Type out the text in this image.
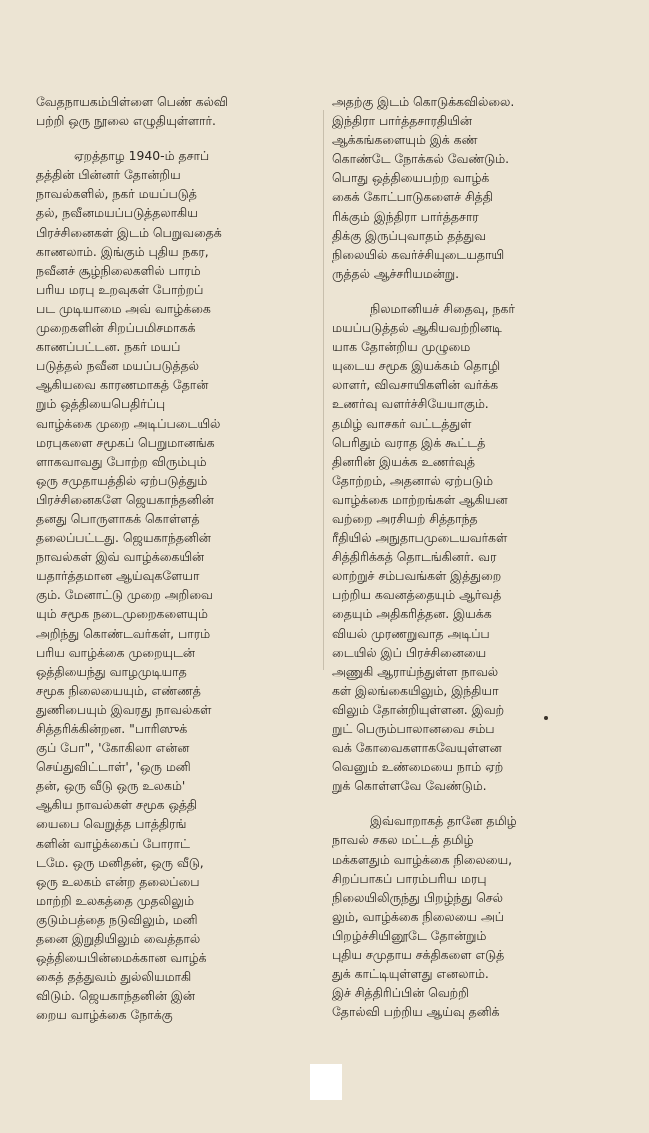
வேதநாயகம்பிள்ளை பெண் கல்வி
பற்றி ஒரு நூலை எழுதியுள்ளார்.
ஏறத்தாழ 1940-ம் தசாப்
தத்தின் பின்னர் தோன்றிய
நாவல்களில், நகர் மயப்படுத்
தல், நவீனமயப்படுத்தலாகிய
பிரச்சினைகள் இடம் பெறுவதைக்
காணலாம். இங்கும் புதிய நகர,
நவீனச் சூழ்நிலைகளில் பாரம்
பரிய மரபு உறவுகள் போற்றப்
பட முடியாமை அவ் வாழ்க்கை
முறைகளின் சிறப்பமிசமாகக்
காணப்பட்டன. நகர் மயப்
படுத்தல் நவீன மயப்படுத்தல்
ஆகியவை காரணமாகத் தோன்
றும் ஒத்தியைபெதிர்ப்பு
வாழ்க்கை முறை அடிப்படையில்
மரபுகளை சமூகப் பெறுமானங்க
ளாகவாவது போற்ற விரும்பும்
ஒரு சமுதாயத்தில் ஏற்படுத்தும்
பிரச்சினைகளே ஜெயகாந்தனின்
தனது பொருளாகக் கொள்ளத்
தலைப்பட்டது. ஜெயகாந்தனின்
நாவல்கள் இவ் வாழ்க்கையின்
யதார்த்தமான ஆய்வுகளேயா
கும். மேனாட்டு முறை அறிவை
யும் சமூக நடைமுறைகளையும்
அறிந்து கொண்டவர்கள், பாரம்
பரிய வாழ்க்கை முறையுடன்
ஒத்தியைந்து வாழமுடியாத
சமூக நிலையையும், எண்ணத்
துணிபையும் இவரது நாவல்கள்
சித்தரிக்கின்றன. "பாரிஸுக்
குப் போ", 'கோகிலா என்ன
செய்துவிட்டாள்', 'ஒரு மனி
தன், ஒரு வீடு ஒரு உலகம்'
ஆகிய நாவல்கள் சமூக ஒத்தி
யைபை வெறுத்த பாத்திரங்
களின் வாழ்க்கைப் போராட்
டமே. ஒரு மனிதன், ஒரு வீடு,
ஒரு உலகம் என்ற தலைப்பை
மாற்றி உலகத்தை முதலிலும்
குடும்பத்தை நடுவிலும், மனி
தனை இறுதியிலும் வைத்தால்
ஒத்தியைபின்மைக்கான வாழ்க்
கைத் தத்துவம் துல்லியமாகி
விடும். ஜெயகாந்தனின் இன்
றைய வாழ்க்கை நோக்கு
அதற்கு இடம் கொடுக்கவில்லை.
இந்திரா பார்த்தசாரதியின்
ஆக்கங்களையும் இக் கண்
கொண்டே நோக்கல் வேண்டும்.
பொது ஒத்தியைபற்ற வாழ்க்
கைக் கோட்பாடுகளைச் சித்தி
ரிக்கும் இந்திரா பார்த்தசார
திக்கு இருப்புவாதம் தத்துவ
நிலையில் கவர்ச்சியுடையதாயி
ருத்தல் ஆச்சரியமன்று.
நிலமானியச் சிதைவு, நகர்
மயப்படுத்தல் ஆகியவற்றினடி
யாக தோன்றிய முழுமை
யுடைய சமூக இயக்கம் தொழி
லாளர், விவசாயிகளின் வர்க்க
உணர்வு வளர்ச்சியேயாகும்.
தமிழ் வாசகர் வட்டத்துள்
பெரிதும் வராத இக் கூட்டத்
தினரின் இயக்க உணர்வுத்
தோற்றம், அதனால் ஏற்படும்
வாழ்க்கை மாற்றங்கள் ஆகியன
வற்றை அரசியற் சித்தாந்த
ரீதியில் அநுதாபமுடையவர்கள்
சித்திரிக்கத் தொடங்கினர். வர
லாற்றுச் சம்பவங்கள் இத்துறை
பற்றிய கவனத்தையும் ஆர்வத்
தையும் அதிகரித்தன. இயக்க
வியல் முரணறுவாத அடிப்ப
டையில் இப் பிரச்சினையை
அணுகி ஆராய்ந்துள்ள நாவல்
கள் இலங்கையிலும், இந்தியா
விலும் தோன்றியுள்ளன. இவற்
றுட் பெரும்பாலானவை சம்ப
வக் கோவைகளாகவேயுள்ளன
வெனும் உண்மையை நாம் ஏற்
றுக் கொள்ளவே வேண்டும்.
இவ்வாறாகத் தானே தமிழ்
நாவல் சகல மட்டத் தமிழ்
மக்களதும் வாழ்க்கை நிலையை,
சிறப்பாகப் பாரம்பரிய மரபு
நிலையிலிருந்து பிறழ்ந்து செல்
லும், வாழ்க்கை நிலையை அப்
பிறழ்ச்சியினூடே தோன்றும்
புதிய சமுதாய சக்திகளை எடுத்
துக் காட்டியுள்ளது எனலாம்.
இச் சித்திரிப்பின் வெற்றி
தோல்வி பற்றிய ஆய்வு தனிக்
